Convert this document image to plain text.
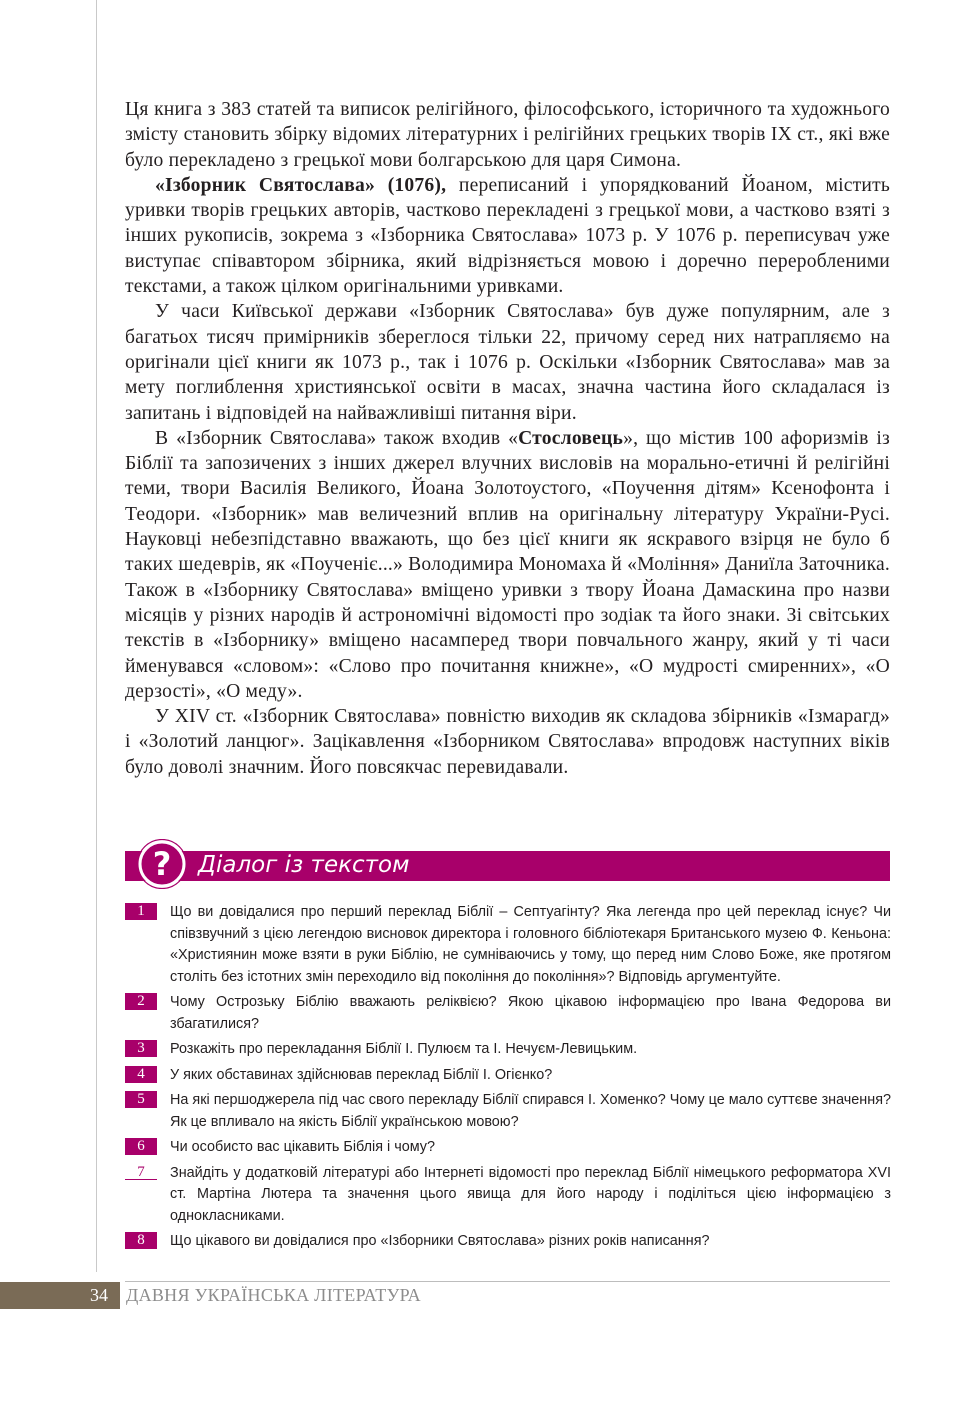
Ця книга з 383 статей та виписок релігійного, філософського, історичного та художнього змісту становить збірку відомих літературних і релігійних грецьких творів IX ст., які вже було перекладено з грецької мови болгарською для царя Симона.

«Ізборник Святослава» (1076), переписаний і упорядкований Йоаном, містить уривки творів грецьких авторів, частково перекладені з грецької мови, а частково взяті з інших рукописів, зокрема з «Ізборника Святослава» 1073 р. У 1076 р. переписувач уже виступає співавтором збірника, який відрізняється мовою і доречно переробленими текстами, а також цілком оригінальними уривками.

У часи Київської держави «Ізборник Святослава» був дуже популярним, але з багатьох тисяч примірників збереглося тільки 22, причому серед них натрапляємо на оригінали цієї книги як 1073 р., так і 1076 р. Оскільки «Ізборник Святослава» мав за мету поглиблення християнської освіти в масах, значна частина його складалася із запитань і відповідей на найважливіші питання віри.

В «Ізборник Святослава» також входив «Стословець», що містив 100 афоризмів із Біблії та запозичених з інших джерел влучних висловів на морально-етичні й релігійні теми, твори Василія Великого, Йоана Золотоустого, «Поучення дітям» Ксенофонта і Теодори. «Ізборник» мав величезний вплив на оригінальну літературу України-Русі. Науковці небезпідставно вважають, що без цієї книги як яскравого взірця не було б таких шедеврів, як «Поученіє...» Володимира Мономаха й «Моління» Даниїла Заточника. Також в «Ізборнику Святослава» вміщено уривки з твору Йоана Дамаскина про назви місяців у різних народів й астрономічні відомості про зодіак та його знаки. Зі світських текстів в «Ізборнику» вміщено насамперед твори повчального жанру, який у ті часи йменувався «словом»: «Слово про почитання книжне», «О мудрості смиренних», «О дерзості», «О меду».

У XIV ст. «Ізборник Святослава» повністю виходив як складова збірників «Ізмарагд» і «Золотий ланцюг». Зацікавлення «Ізборником Святослава» впродовж наступних віків було доволі значним. Його повсякчас перевидавали.

? Діалог із текстом
1	Що ви довідалися про перший переклад Біблії – Септуагінту? Яка легенда про цей переклад існує? Чи співзвучний з цією легендою висновок директора і головного бібліотекаря Британського музею Ф. Кеньона: «Християнин може взяти в руки Біблію, не сумніваючись у тому, що перед ним Слово Боже, яке протягом століть без істотних змін переходило від покоління до покоління»? Відповідь аргументуйте.
2	Чому Острозьку Біблію вважають реліквією? Якою цікавою інформацією про Івана Федорова ви збагатилися?
3	Розкажіть про перекладання Біблії І. Пулюєм та І. Нечуєм-Левицьким.
4	У яких обставинах здійснював переклад Біблії І. Огієнко?
5	На які першоджерела під час свого перекладу Біблії спирався І. Хоменко? Чому це мало суттєве значення? Як це впливало на якість Біблії українською мовою?
6	Чи особисто вас цікавить Біблія і чому?
7	Знайдіть у додатковій літературі або Інтернеті відомості про переклад Біблії німецького реформатора XVI ст. Мартіна Лютера та значення цього явища для його народу і поділіться цією інформацією з однокласниками.
8	Що цікавого ви довідалися про «Ізборники Святослава» різних років написання?
34	ДАВНЯ УКРАЇНСЬКА ЛІТЕРАТУРА
